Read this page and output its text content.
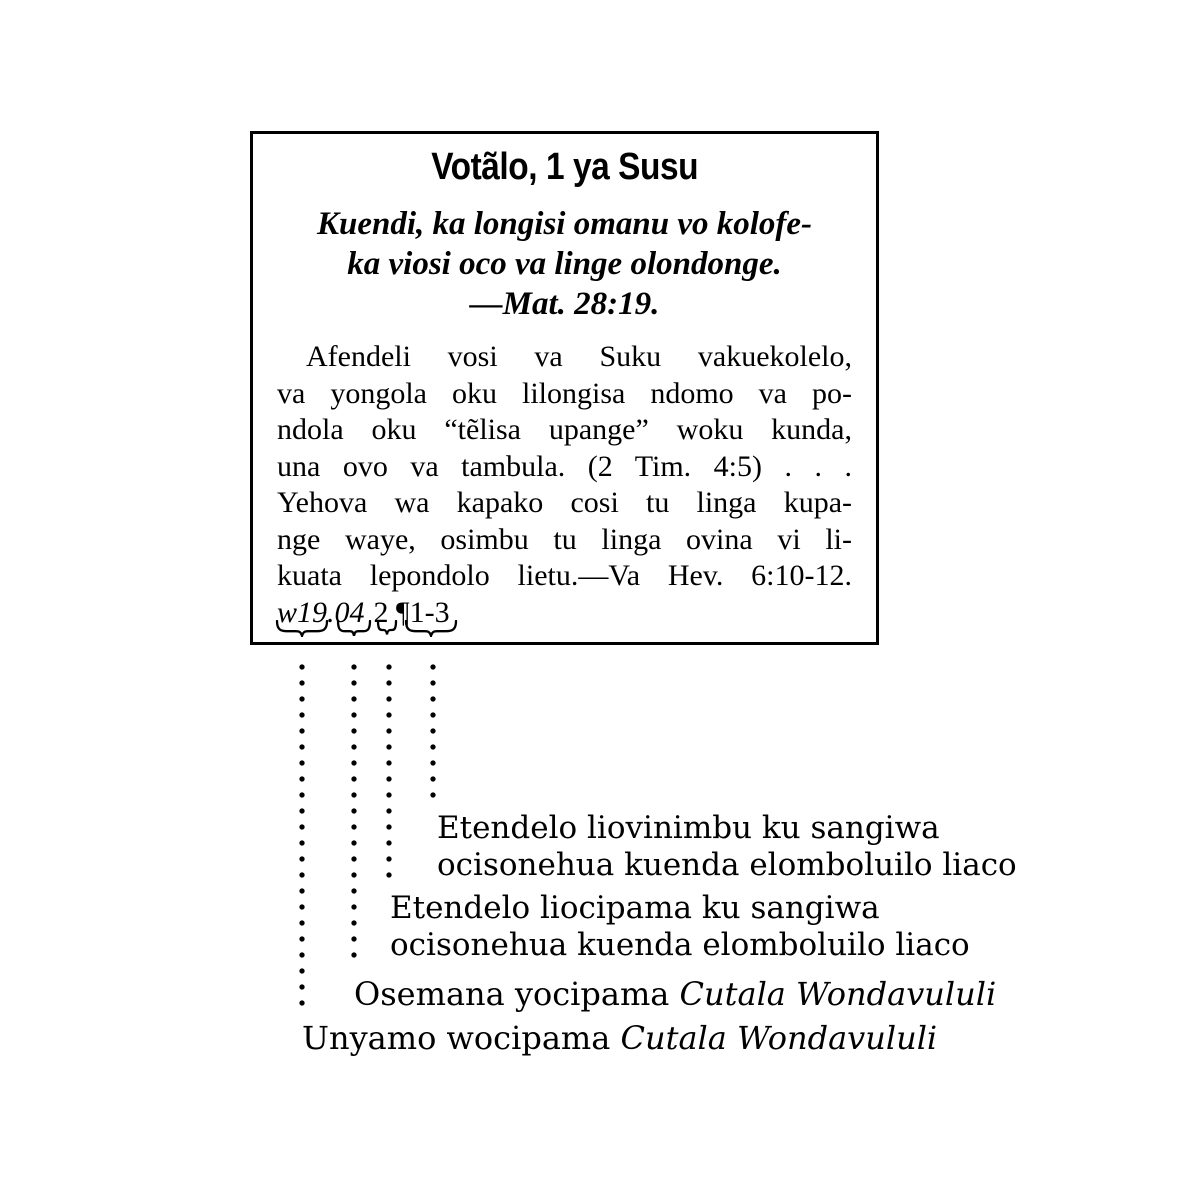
Votãlo, 1 ya Susu
Kuendi, ka longisi omanu vo kolofe-
ka viosi oco va linge olondonge.
—Mat. 28:19.
Afendeli vosi va Suku vakuekolelo,
va yongola oku lilongisa ndomo va po-
ndola oku “tẽlisa upange” woku kunda,
una ovo va tambula. (2 Tim. 4:5) . . .
Yehova wa kapako cosi tu linga kupa-
nge waye, osimbu tu linga ovina vi li-
kuata lepondolo lietu.—Va Hev. 6:10-12.
w19.04 2 ¶1-3
Etendelo liovinimbu ku sangiwa
ocisonehua kuenda elomboluilo liaco
Etendelo liocipama ku sangiwa
ocisonehua kuenda elomboluilo liaco
Osemana yocipama Cutala Wondavululi
Unyamo wocipama Cutala Wondavululi
